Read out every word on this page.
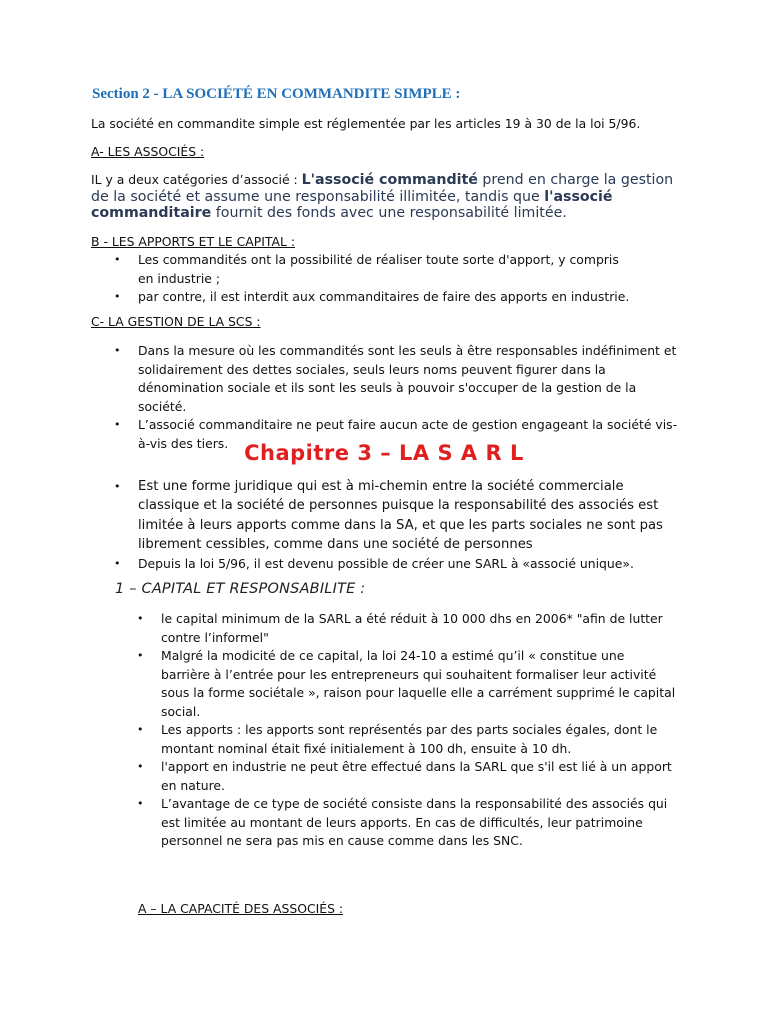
Section 2 - LA SOCIÉTÉ EN COMMANDITE SIMPLE :
La société en commandite simple est réglementée par les articles 19 à 30 de la loi 5/96.
A- LES ASSOCIÉS :
IL y a deux catégories d’associé : L'associé commandité prend en charge la gestion de la société et assume une responsabilité illimitée, tandis que l'associé commanditaire fournit des fonds avec une responsabilité limitée.
B - LES APPORTS ET LE CAPITAL :
• Les commandités ont la possibilité de réaliser toute sorte d'apport, y compris en industrie ;
• par contre, il est interdit aux commanditaires de faire des apports en industrie.
C- LA GESTION DE LA SCS :
• Dans la mesure où les commandités sont les seuls à être responsables indéfiniment et solidairement des dettes sociales, seuls leurs noms peuvent figurer dans la dénomination sociale et ils sont les seuls à pouvoir s'occuper de la gestion de la société.
• L’associé commanditaire ne peut faire aucun acte de gestion engageant la société vis-à-vis des tiers. Chapitre 3 – LA S A R L
• Est une forme juridique qui est à mi-chemin entre la société commerciale classique et la société de personnes puisque la responsabilité des associés est limitée à leurs apports comme dans la SA, et que les parts sociales ne sont pas librement cessibles, comme dans une société de personnes
• Depuis la loi 5/96, il est devenu possible de créer une SARL à «associé unique».
1 – CAPITAL ET RESPONSABILITE :
• le capital minimum de la SARL a été réduit à 10 000 dhs en 2006* "afin de lutter contre l’informel"
• Malgré la modicité de ce capital, la loi 24-10 a estimé qu’il « constitue une barrière à l’entrée pour les entrepreneurs qui souhaitent formaliser leur activité sous la forme sociétale », raison pour laquelle elle a carrément supprimé le capital social.
• Les apports : les apports sont représentés par des parts sociales égales, dont le montant nominal était fixé initialement à 100 dh, ensuite à 10 dh.
• l'apport en industrie ne peut être effectué dans la SARL que s'il est lié à un apport en nature.
• L’avantage de ce type de société consiste dans la responsabilité des associés qui est limitée au montant de leurs apports. En cas de difficultés, leur patrimoine personnel ne sera pas mis en cause comme dans les SNC.
A – LA CAPACITÉ DES ASSOCIÉS :
